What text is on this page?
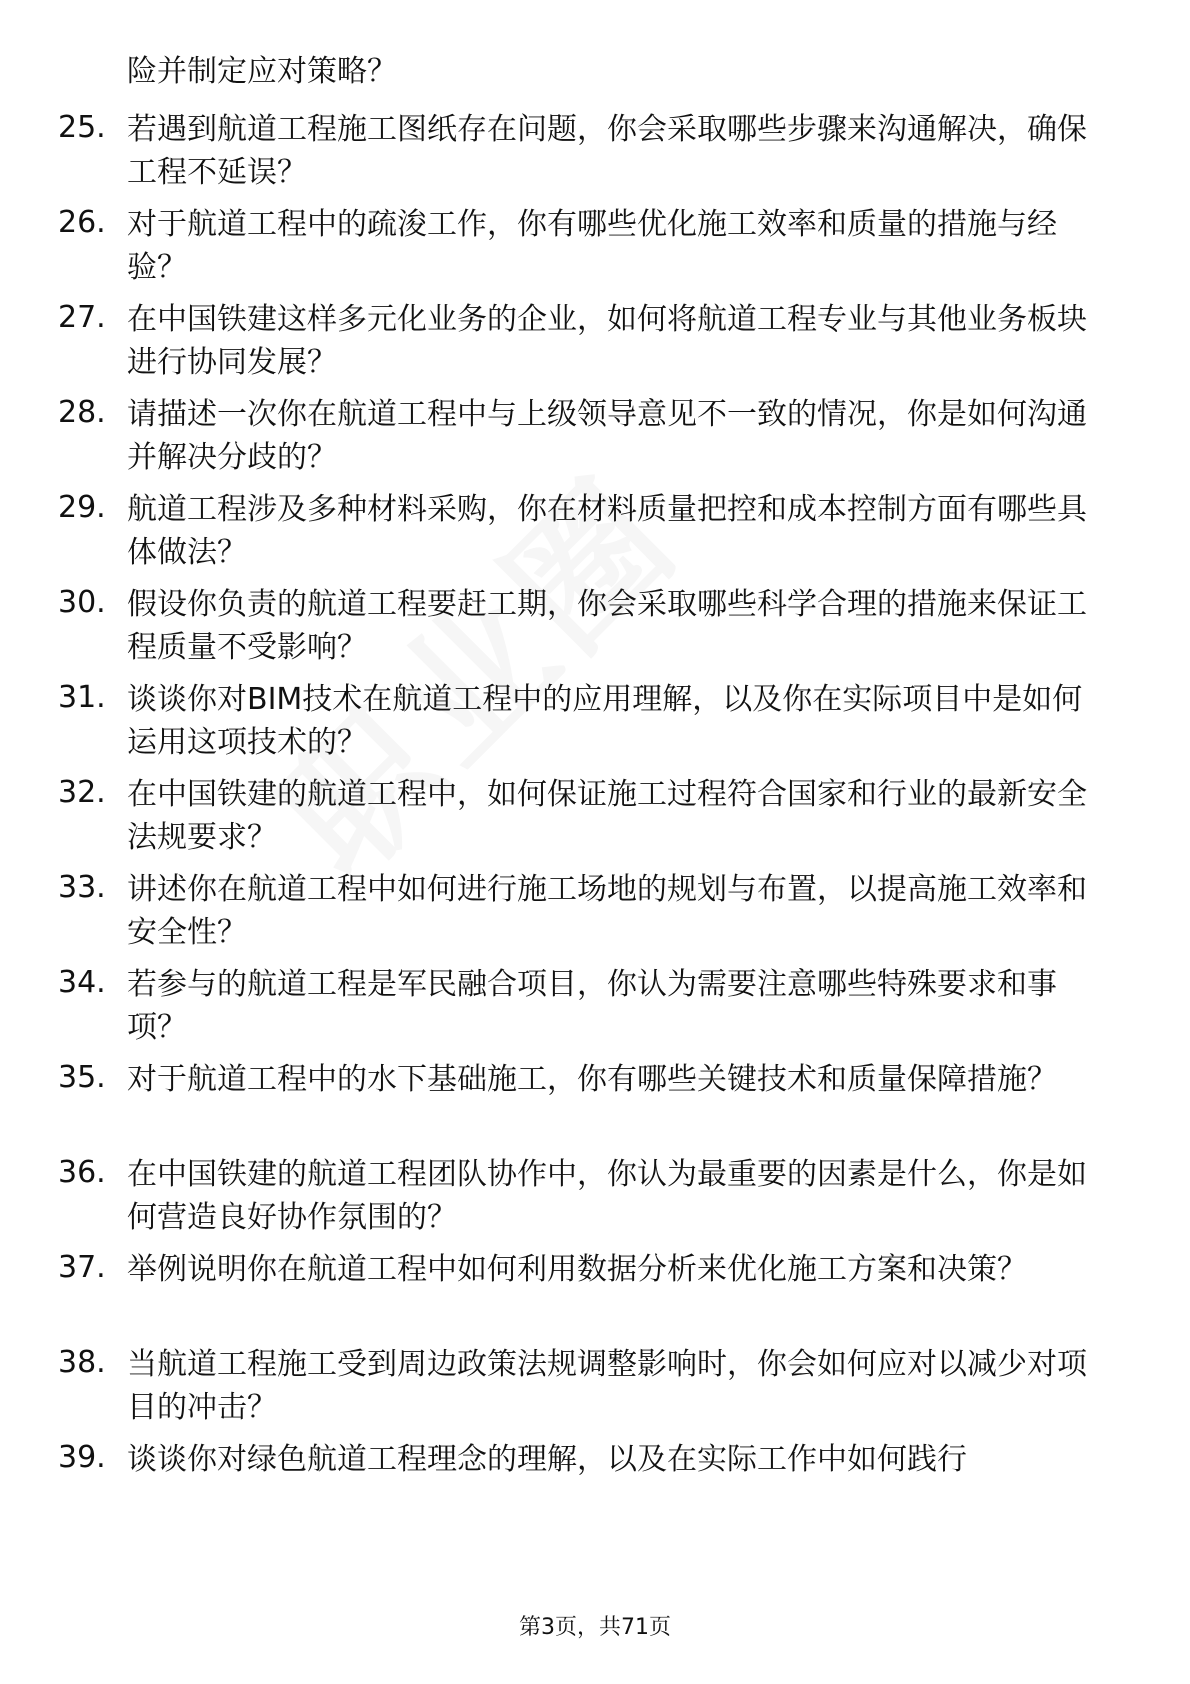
险并制定应对策略？

25. 若遇到航道工程施工图纸存在问题，你会采取哪些步骤来沟通解决，确保工程不延误？

26. 对于航道工程中的疏浚工作，你有哪些优化施工效率和质量的措施与经验？

27. 在中国铁建这样多元化业务的企业，如何将航道工程专业与其他业务板块进行协同发展？

28. 请描述一次你在航道工程中与上级领导意见不一致的情况，你是如何沟通并解决分歧的？

29. 航道工程涉及多种材料采购，你在材料质量把控和成本控制方面有哪些具体做法？

30. 假设你负责的航道工程要赶工期，你会采取哪些科学合理的措施来保证工程质量不受影响？

31. 谈谈你对BIM技术在航道工程中的应用理解，以及你在实际项目中是如何运用这项技术的？

32. 在中国铁建的航道工程中，如何保证施工过程符合国家和行业的最新安全法规要求？

33. 讲述你在航道工程中如何进行施工场地的规划与布置，以提高施工效率和安全性？

34. 若参与的航道工程是军民融合项目，你认为需要注意哪些特殊要求和事项？

35. 对于航道工程中的水下基础施工，你有哪些关键技术和质量保障措施？

36. 在中国铁建的航道工程团队协作中，你认为最重要的因素是什么，你是如何营造良好协作氛围的？

37. 举例说明你在航道工程中如何利用数据分析来优化施工方案和决策？

38. 当航道工程施工受到周边政策法规调整影响时，你会如何应对以减少对项目的冲击？

39. 谈谈你对绿色航道工程理念的理解，以及在实际工作中如何践行

第3页，共71页
